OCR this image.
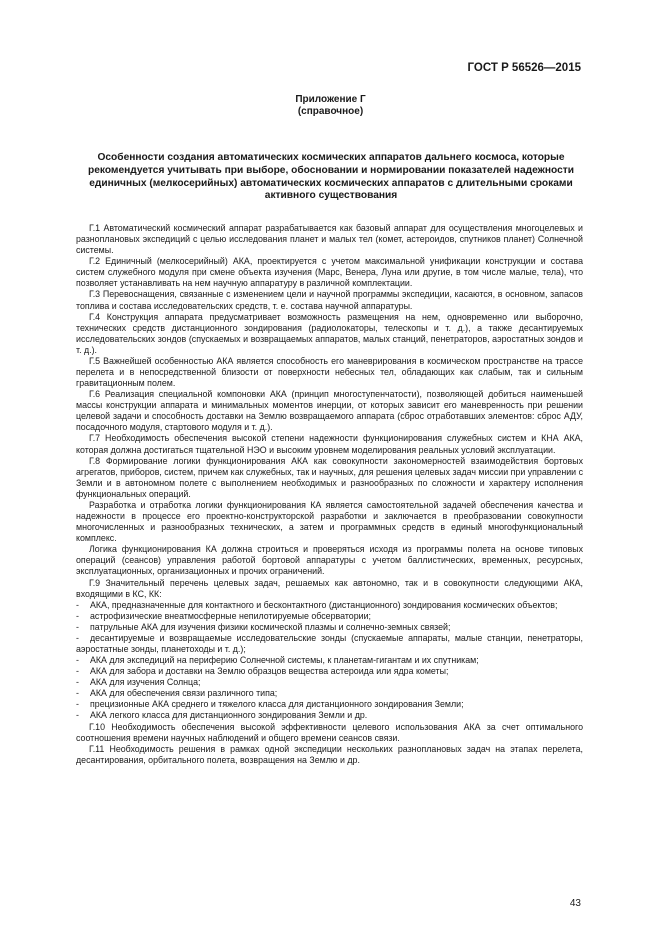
ГОСТ Р 56526—2015
Приложение Г
(справочное)
Особенности создания автоматических космических аппаратов дальнего космоса, которые рекомендуется учитывать при выборе, обосновании и нормировании показателей надежности единичных (мелкосерийных) автоматических космических аппаратов с длительными сроками активного существования

Г.1 Автоматический космический аппарат разрабатывается как базовый аппарат для осуществления многоцелевых и разноплановых экспедиций с целью исследования планет и малых тел (комет, астероидов, спутников планет) Солнечной системы.

Г.2 Единичный (мелкосерийный) АКА, проектируется с учетом максимальной унификации конструкции и состава систем служебного модуля при смене объекта изучения (Марс, Венера, Луна или другие, в том числе малые, тела), что позволяет устанавливать на нем научную аппаратуру в различной комплектации.

Г.3 Перевоснащения, связанные с изменением цели и научной программы экспедиции, касаются, в основном, запасов топлива и состава исследовательских средств, т. е. состава научной аппаратуры.

Г.4 Конструкция аппарата предусматривает возможность размещения на нем, одновременно или выборочно, технических средств дистанционного зондирования (радиолокаторы, телескопы и т. д.), а также десантируемых исследовательских зондов (спускаемых и возвращаемых аппаратов, малых станций, пенетраторов, аэростатных зондов и т. д.).

Г.5 Важнейшей особенностью АКА является способность его маневрирования в космическом пространстве на трассе перелета и в непосредственной близости от поверхности небесных тел, обладающих как слабым, так и сильным гравитационным полем.

Г.6 Реализация специальной компоновки АКА (принцип многоступенчатости), позволяющей добиться наименьшей массы конструкции аппарата и минимальных моментов инерции, от которых зависит его маневренность при решении целевой задачи и способность доставки на Землю возвращаемого аппарата (сброс отработавших элементов: сброс АДУ, посадочного модуля, стартового модуля и т. д.).

Г.7 Необходимость обеспечения высокой степени надежности функционирования служебных систем и КНА АКА, которая должна достигаться тщательной НЭО и высоким уровнем моделирования реальных условий эксплуатации.

Г.8 Формирование логики функционирования АКА как совокупности закономерностей взаимодействия бортовых агрегатов, приборов, систем, причем как служебных, так и научных, для решения целевых задач миссии при управлении с Земли и в автономном полете с выполнением необходимых и разнообразных по сложности и характеру исполнения функциональных операций.

Разработка и отработка логики функционирования КА является самостоятельной задачей обеспечения качества и надежности в процессе его проектно-конструкторской разработки и заключается в преобразовании совокупности многочисленных и разнообразных технических, а затем и программных средств в единый многофункциональный комплекс.

Логика функционирования КА должна строиться и проверяться исходя из программы полета на основе типовых операций (сеансов) управления работой бортовой аппаратуры с учетом баллистических, временных, ресурсных, эксплуатационных, организационных и прочих ограничений.

Г.9 Значительный перечень целевых задач, решаемых как автономно, так и в совокупности следующими АКА, входящими в КС, КК:

- АКА, предназначенные для контактного и бесконтактного (дистанционного) зондирования космических объектов;

- астрофизические внеатмосферные непилотируемые обсерватории;

- патрульные АКА для изучения физики космической плазмы и солнечно-земных связей;

- десантируемые и возвращаемые исследовательские зонды (спускаемые аппараты, малые станции, пенетраторы, аэростатные зонды, планетоходы и т. д.);

- АКА для экспедиций на периферию Солнечной системы, к планетам-гигантам и их спутникам;

- АКА для забора и доставки на Землю образцов вещества астероида или ядра кометы;

- АКА для изучения Солнца;

- АКА для обеспечения связи различного типа;

- прецизионные АКА среднего и тяжелого класса для дистанционного зондирования Земли;

- АКА легкого класса для дистанционного зондирования Земли и др.

Г.10 Необходимость обеспечения высокой эффективности целевого использования АКА за счет оптимального соотношения времени научных наблюдений и общего времени сеансов связи.

Г.11 Необходимость решения в рамках одной экспедиции нескольких разноплановых задач на этапах перелета, десантирования, орбитального полета, возвращения на Землю и др.

43
